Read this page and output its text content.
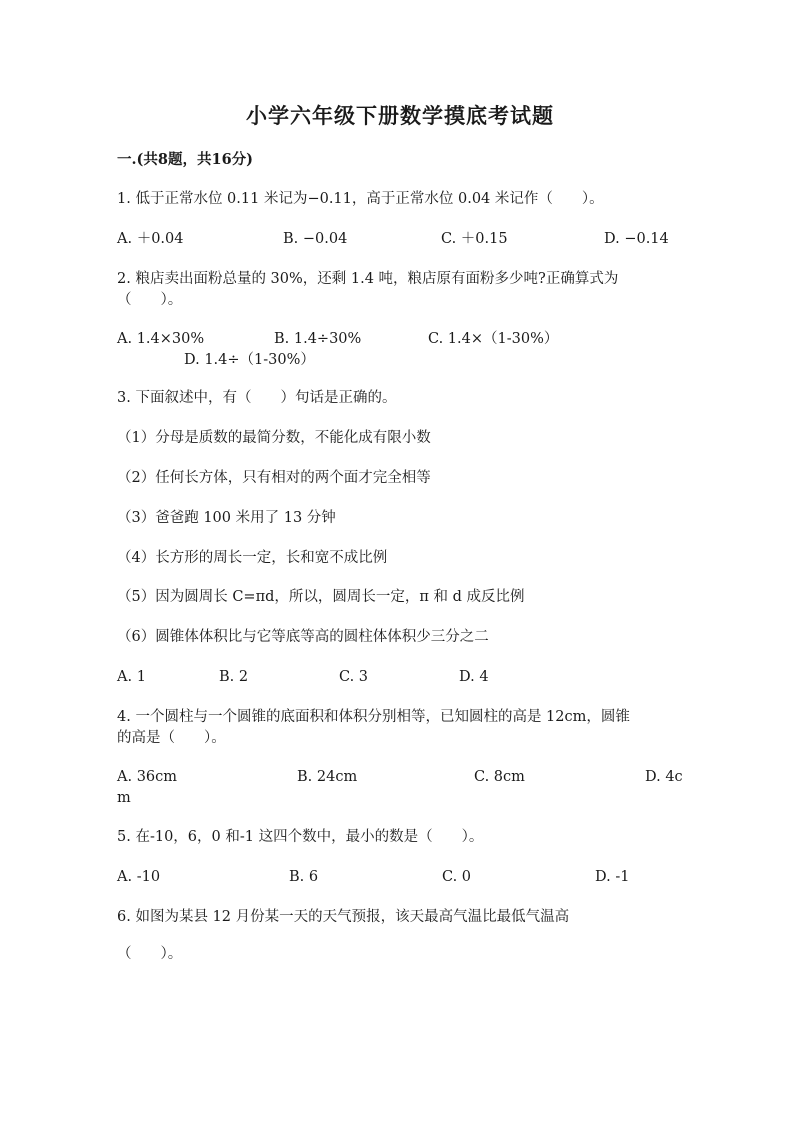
小学六年级下册数学摸底考试题
一.(共8题，共16分)
1. 低于正常水位 0.11 米记为−0.11，高于正常水位 0.04 米记作（　　）。
A. ＋0.04	B. −0.04	C. ＋0.15	D. −0.14
2. 粮店卖出面粉总量的 30%，还剩 1.4 吨，粮店原有面粉多少吨?正确算式为
（　　）。
A. 1.4×30%	B. 1.4÷30%	C. 1.4×（1-30%）
D. 1.4÷（1-30%）
3. 下面叙述中，有（　　）句话是正确的。
（1）分母是质数的最简分数，不能化成有限小数
（2）任何长方体，只有相对的两个面才完全相等
（3）爸爸跑 100 米用了 13 分钟
（4）长方形的周长一定，长和宽不成比例
（5）因为圆周长 C=πd，所以，圆周长一定，π 和 d 成反比例
（6）圆锥体体积比与它等底等高的圆柱体体积少三分之二
A. 1	B. 2	C. 3	D. 4
4. 一个圆柱与一个圆锥的底面积和体积分别相等，已知圆柱的高是 12cm，圆锥
的高是（　　）。
A. 36cm	B. 24cm	C. 8cm	D. 4c
m
5. 在-10，6，0 和-1 这四个数中，最小的数是（　　）。
A. -10	B. 6	C. 0	D. -1
6. 如图为某县 12 月份某一天的天气预报，该天最高气温比最低气温高
（　　）。
